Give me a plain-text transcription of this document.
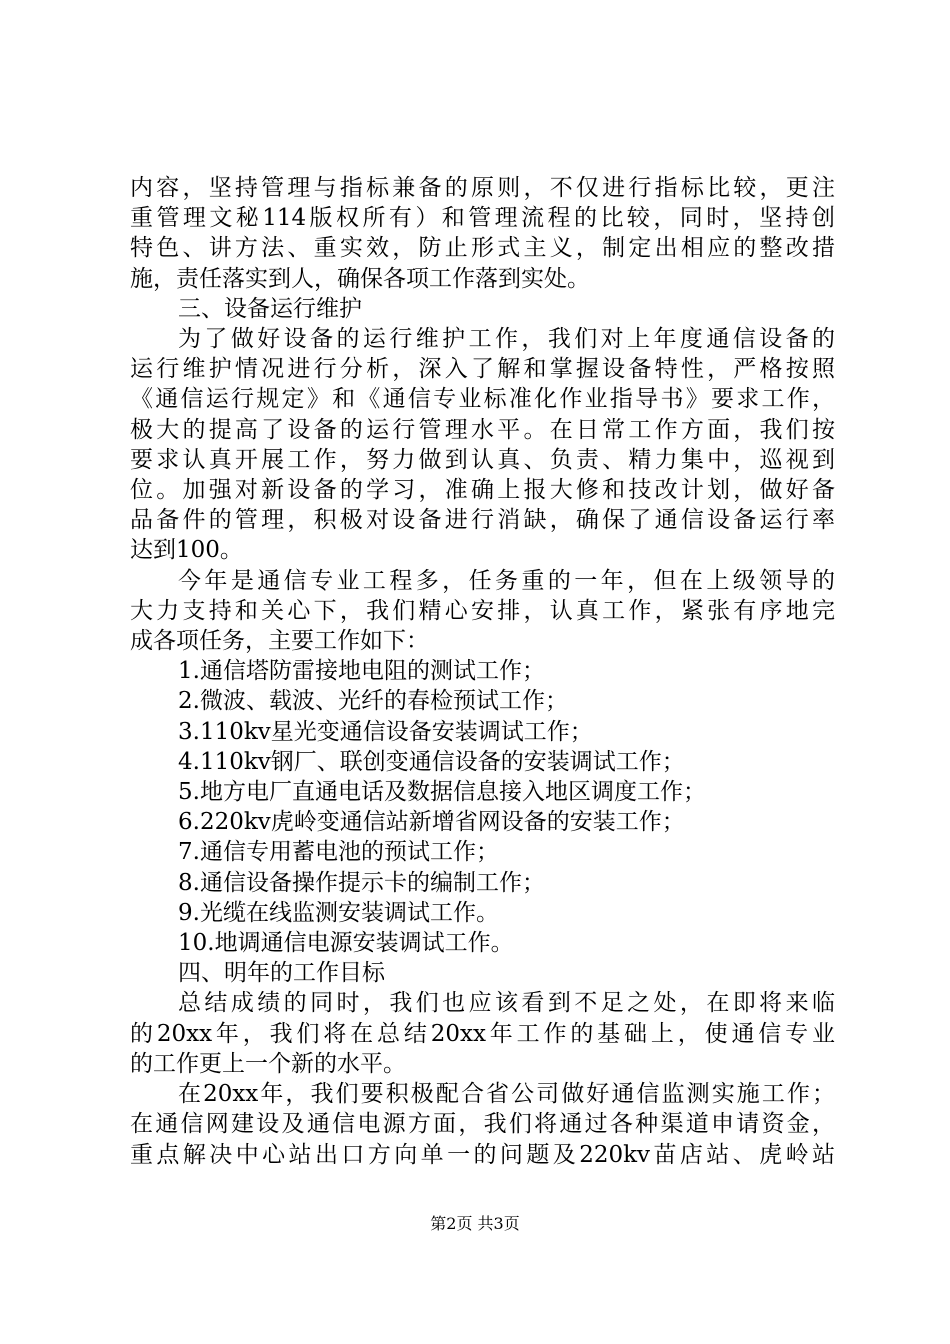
内容，坚持管理与指标兼备的原则，不仅进行指标比较，更注
重管理文秘114版权所有）和管理流程的比较，同时，坚持创
特色、讲方法、重实效，防止形式主义，制定出相应的整改措
施，责任落实到人，确保各项工作落到实处。
三、设备运行维护
为了做好设备的运行维护工作，我们对上年度通信设备的
运行维护情况进行分析，深入了解和掌握设备特性，严格按照
《通信运行规定》和《通信专业标准化作业指导书》要求工作，
极大的提高了设备的运行管理水平。在日常工作方面，我们按
要求认真开展工作，努力做到认真、负责、精力集中，巡视到
位。加强对新设备的学习，准确上报大修和技改计划，做好备
品备件的管理，积极对设备进行消缺，确保了通信设备运行率
达到100。
今年是通信专业工程多，任务重的一年，但在上级领导的
大力支持和关心下，我们精心安排，认真工作，紧张有序地完
成各项任务，主要工作如下：
1.通信塔防雷接地电阻的测试工作；
2.微波、载波、光纤的春检预试工作；
3.110kv星光变通信设备安装调试工作；
4.110kv钢厂、联创变通信设备的安装调试工作；
5.地方电厂直通电话及数据信息接入地区调度工作；
6.220kv虎岭变通信站新增省网设备的安装工作；
7.通信专用蓄电池的预试工作；
8.通信设备操作提示卡的编制工作；
9.光缆在线监测安装调试工作。
10.地调通信电源安装调试工作。
四、明年的工作目标
总结成绩的同时，我们也应该看到不足之处，在即将来临
的20xx年，我们将在总结20xx年工作的基础上，使通信专业
的工作更上一个新的水平。
在20xx年，我们要积极配合省公司做好通信监测实施工作；
在通信网建设及通信电源方面，我们将通过各种渠道申请资金，
重点解决中心站出口方向单一的问题及220kv苗店站、虎岭站
第2页 共3页
